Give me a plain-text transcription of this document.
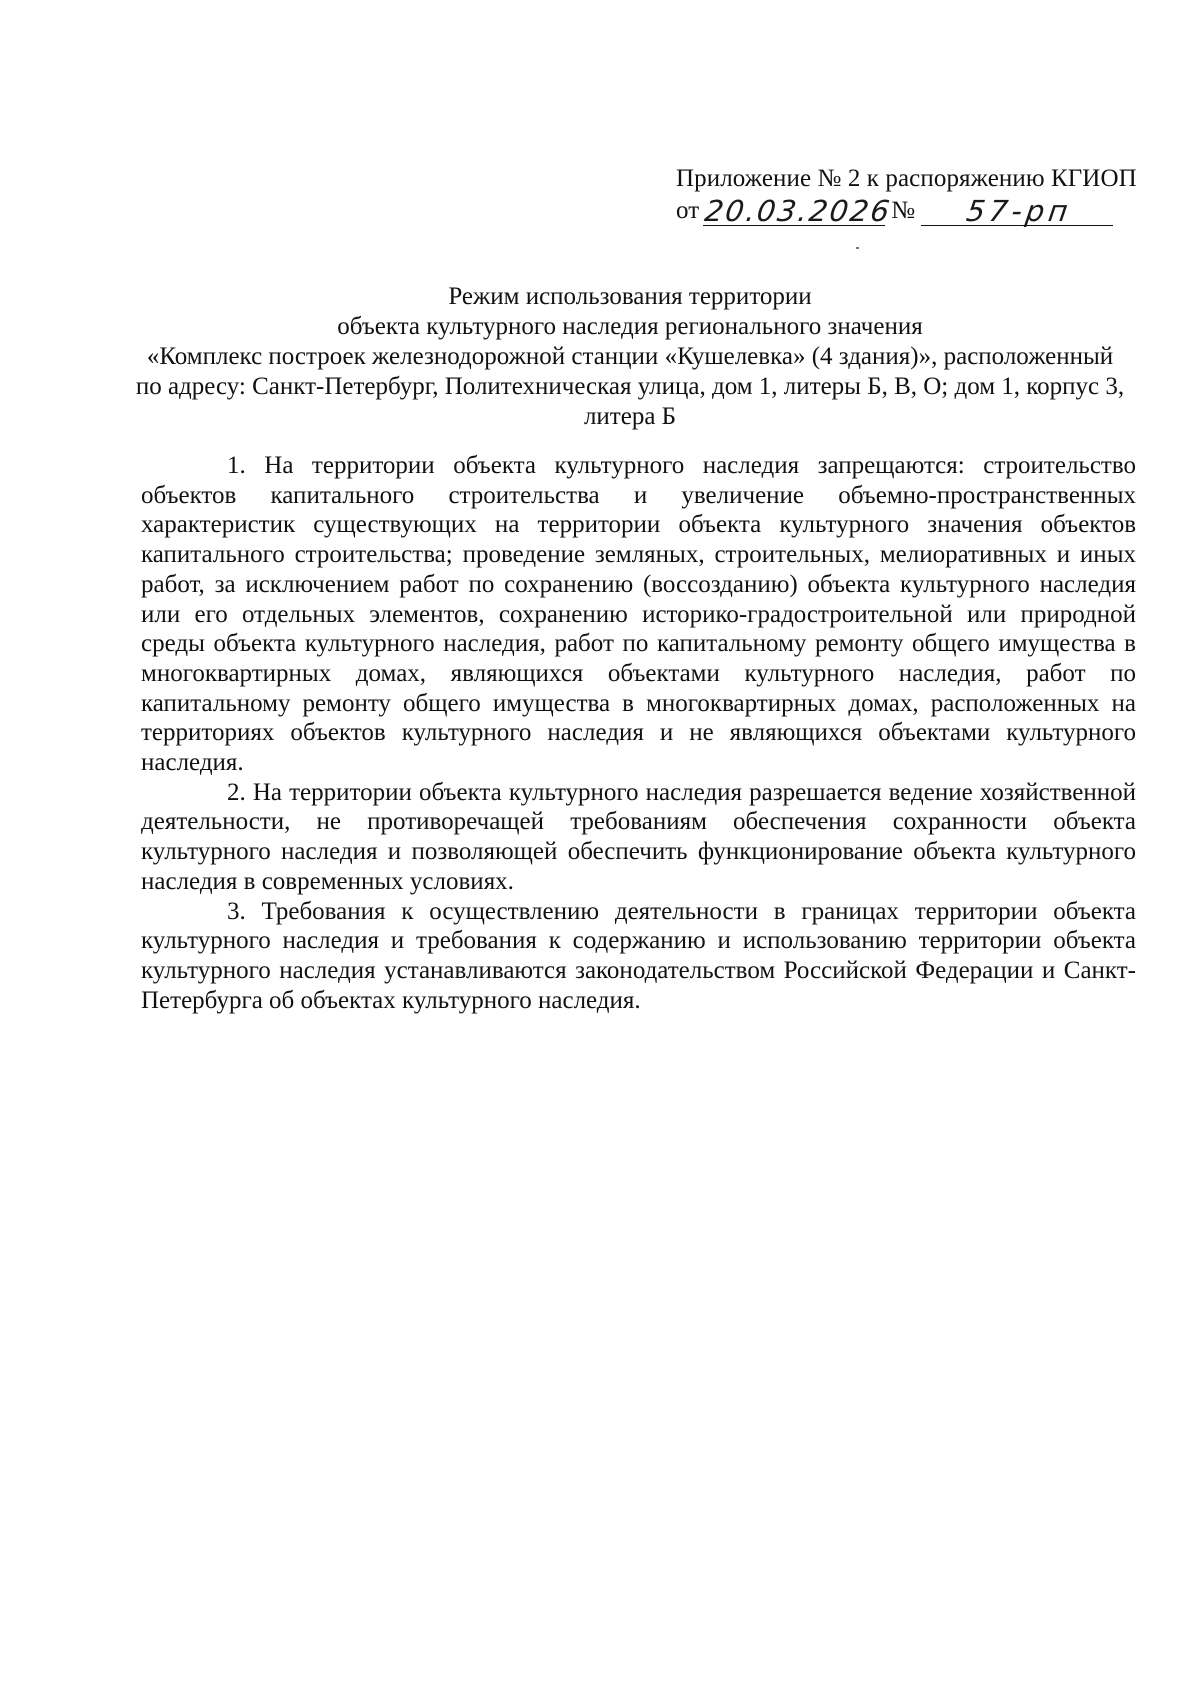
Приложение № 2 к распоряжению КГИОП
от 20.03.2026
№	57-рп
Режим использования территории
объекта культурного наследия регионального значения
«Комплекс построек железнодорожной станции «Кушелевка» (4 здания)», расположенный
по адресу: Санкт-Петербург, Политехническая улица, дом 1, литеры Б, В, О; дом 1, корпус 3,
литера Б

1. На территории объекта культурного наследия запрещаются: строительство объектов капитального строительства и увеличение объемно-пространственных характеристик существующих на территории объекта культурного значения объектов капитального строительства; проведение земляных, строительных, мелиоративных и иных работ, за исключением работ по сохранению (воссозданию) объекта культурного наследия или его отдельных элементов, сохранению историко-градостроительной или природной среды объекта культурного наследия, работ по капитальному ремонту общего имущества в многоквартирных домах, являющихся объектами культурного наследия, работ по капитальному ремонту общего имущества в многоквартирных домах, расположенных на территориях объектов культурного наследия и не являющихся объектами культурного наследия.

2. На территории объекта культурного наследия разрешается ведение хозяйственной деятельности, не противоречащей требованиям обеспечения сохранности объекта культурного наследия и позволяющей обеспечить функционирование объекта культурного наследия в современных условиях.

3. Требования к осуществлению деятельности в границах территории объекта культурного наследия и требования к содержанию и использованию территории объекта культурного наследия устанавливаются законодательством Российской Федерации и Санкт-Петербурга об объектах культурного наследия.
